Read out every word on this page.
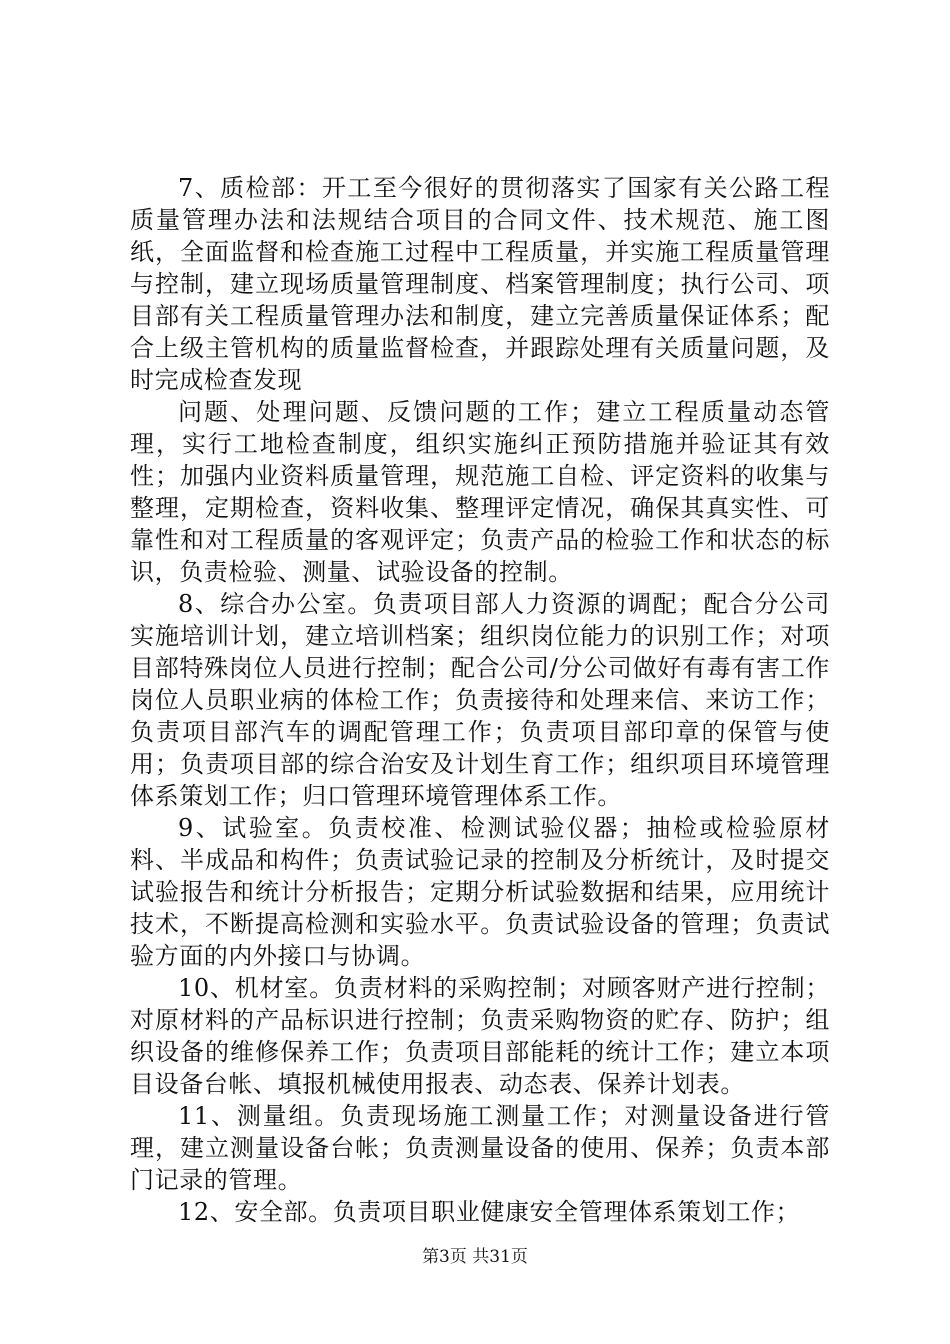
7、质检部：开工至今很好的贯彻落实了国家有关公路工程质量管理办法和法规结合项目的合同文件、技术规范、施工图纸，全面监督和检查施工过程中工程质量，并实施工程质量管理与控制，建立现场质量管理制度、档案管理制度；执行公司、项目部有关工程质量管理办法和制度，建立完善质量保证体系；配合上级主管机构的质量监督检查，并跟踪处理有关质量问题，及时完成检查发现

问题、处理问题、反馈问题的工作；建立工程质量动态管理，实行工地检查制度，组织实施纠正预防措施并验证其有效性；加强内业资料质量管理，规范施工自检、评定资料的收集与整理，定期检查，资料收集、整理评定情况，确保其真实性、可靠性和对工程质量的客观评定；负责产品的检验工作和状态的标识，负责检验、测量、试验设备的控制。

8、综合办公室。负责项目部人力资源的调配；配合分公司实施培训计划，建立培训档案；组织岗位能力的识别工作；对项目部特殊岗位人员进行控制；配合公司/分公司做好有毒有害工作岗位人员职业病的体检工作；负责接待和处理来信、来访工作；负责项目部汽车的调配管理工作；负责项目部印章的保管与使用；负责项目部的综合治安及计划生育工作；组织项目环境管理体系策划工作；归口管理环境管理体系工作。

9、试验室。负责校准、检测试验仪器；抽检或检验原材料、半成品和构件；负责试验记录的控制及分析统计，及时提交试验报告和统计分析报告；定期分析试验数据和结果，应用统计技术，不断提高检测和实验水平。负责试验设备的管理；负责试验方面的内外接口与协调。

10、机材室。负责材料的采购控制；对顾客财产进行控制；对原材料的产品标识进行控制；负责采购物资的贮存、防护；组织设备的维修保养工作；负责项目部能耗的统计工作；建立本项目设备台帐、填报机械使用报表、动态表、保养计划表。

11、测量组。负责现场施工测量工作；对测量设备进行管理，建立测量设备台帐；负责测量设备的使用、保养；负责本部门记录的管理。

12、安全部。负责项目职业健康安全管理体系策划工作；

第3页 共31页
